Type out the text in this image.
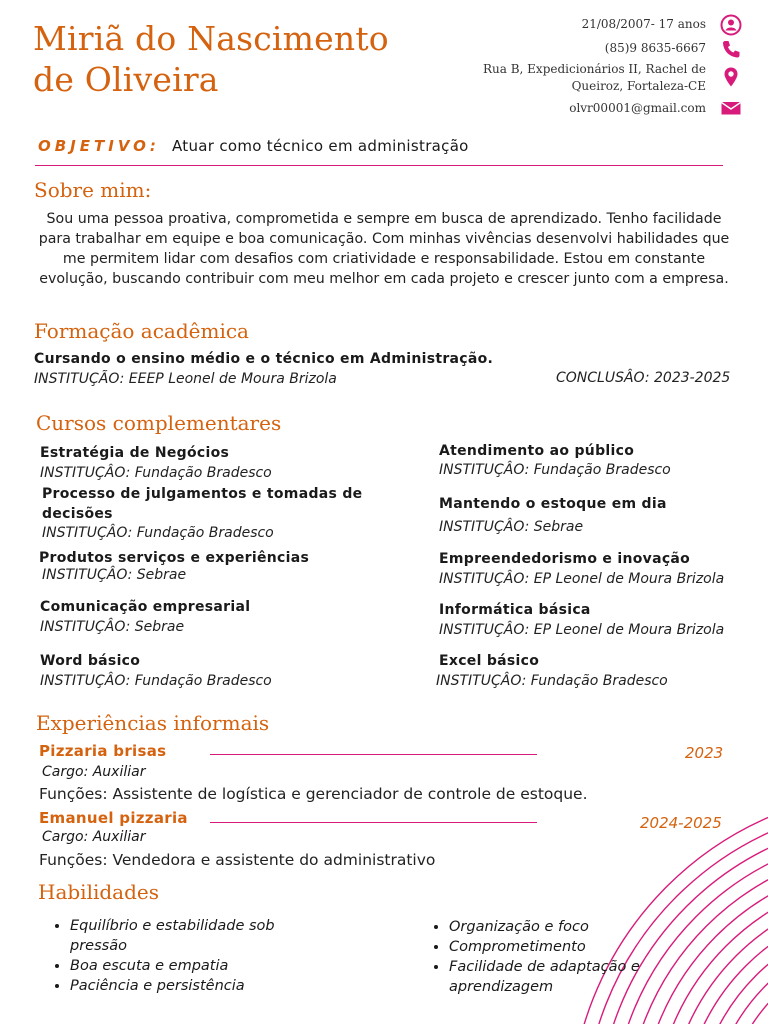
Miriã do Nascimento
de Oliveira
21/08/2007- 17 anos
(85)9 8635-6667
Rua B, Expedicionários II, Rachel de
Queiroz, Fortaleza-CE
olvr00001@gmail.com
OBJETIVO: Atuar como técnico em administração
Sobre mim:
Sou uma pessoa proativa, comprometida e sempre em busca de aprendizado. Tenho facilidade para trabalhar em equipe e boa comunicação. Com minhas vivências desenvolvi habilidades que me permitem lidar com desafios com criatividade e responsabilidade. Estou em constante evolução, buscando contribuir com meu melhor em cada projeto e crescer junto com a empresa.
Formação acadêmica
Cursando o ensino médio e o técnico em Administração.
INSTITUÇÃO: EEEP Leonel de Moura Brizola	CONCLUSÂO: 2023-2025
Cursos complementares
Estratégia de Negócios
INSTITUÇÂO: Fundação Bradesco
Processo de julgamentos e tomadas de decisões
INSTITUÇÂO: Fundação Bradesco
Produtos serviços e experiências
INSTITUÇÂO: Sebrae
Comunicação empresarial
INSTITUÇÂO: Sebrae
Word básico
INSTITUÇÂO: Fundação Bradesco
Atendimento ao público
INSTITUÇÂO: Fundação Bradesco
Mantendo o estoque em dia
INSTITUÇÂO: Sebrae
Empreendedorismo e inovação
INSTITUÇÂO: EP Leonel de Moura Brizola
Informática básica
INSTITUÇÂO: EP Leonel de Moura Brizola
Excel básico
INSTITUÇÂO: Fundação Bradesco
Experiências informais
Pizzaria brisas	2023
Cargo: Auxiliar
Funções: Assistente de logística e gerenciador de controle de estoque.
Emanuel pizzaria	2024-2025
Cargo: Auxiliar
Funções: Vendedora e assistente do administrativo
Habilidades
• Equilíbrio e estabilidade sob pressão
• Boa escuta e empatia
• Paciência e persistência
• Organização e foco
• Comprometimento
• Facilidade de adaptação e aprendizagem
